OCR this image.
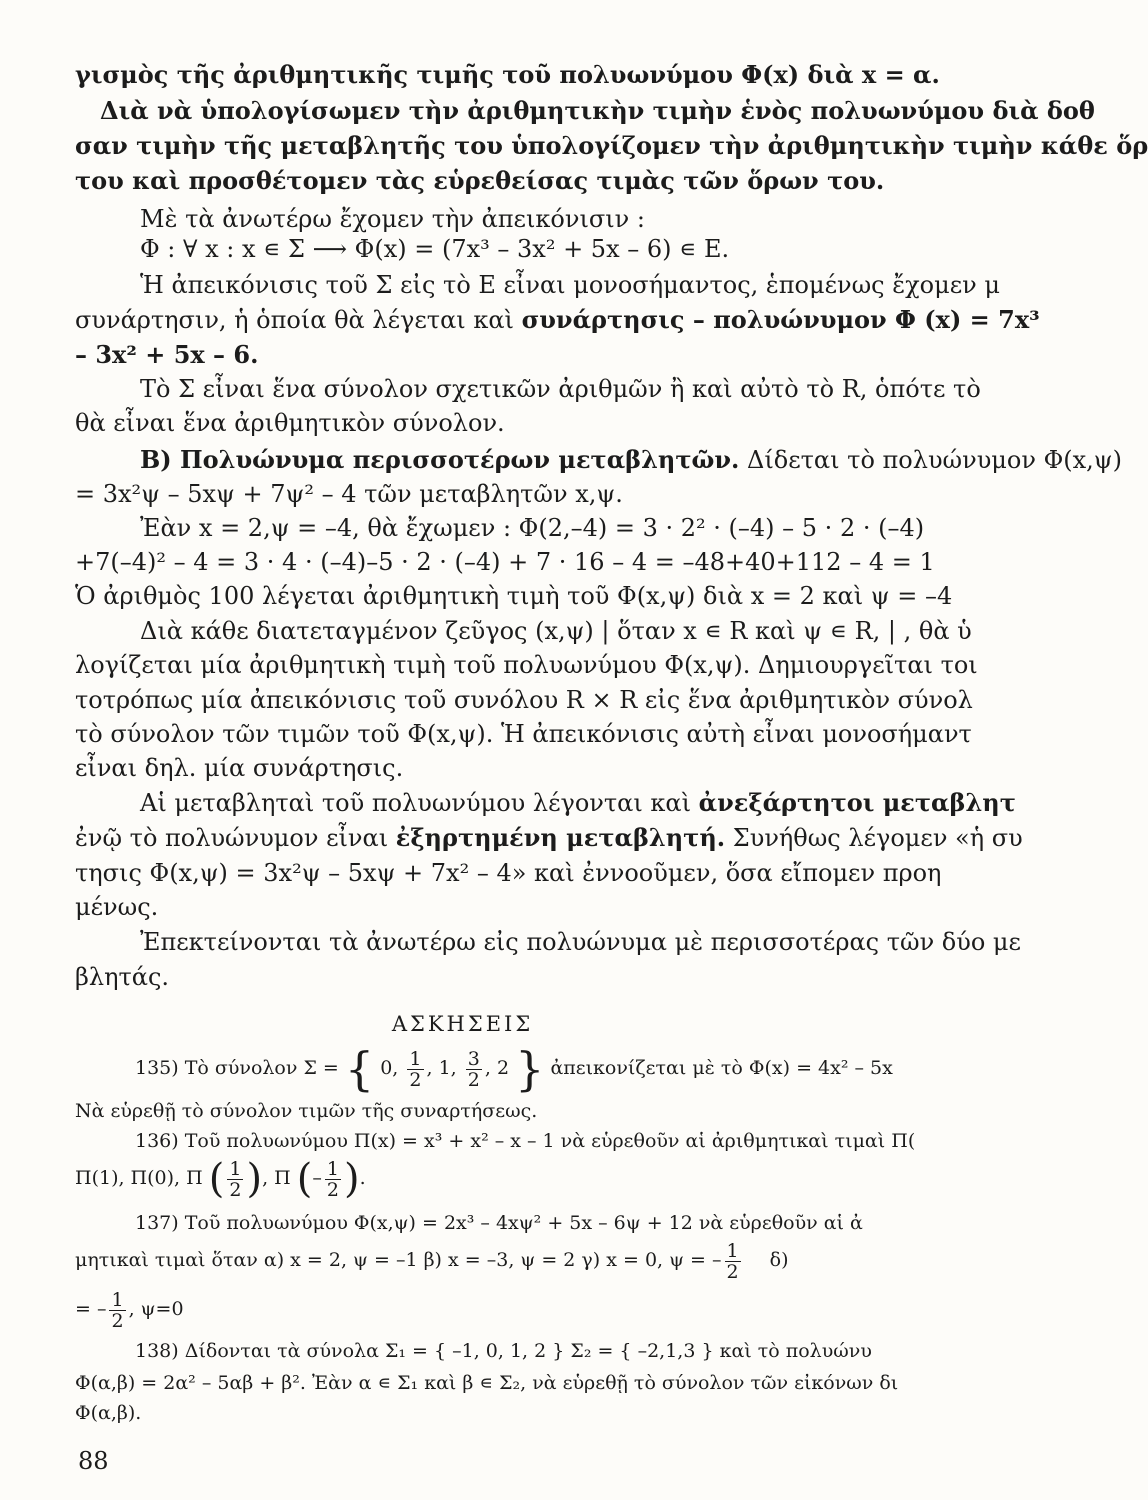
γισμὸς τῆς ἀριθμητικῆς τιμῆς τοῦ πολυωνύμου Φ(x) διὰ x = α.
Διὰ νὰ ὑπολογίσωμεν τὴν ἀριθμητικὴν τιμὴν ἑνὸς πολυωνύμου διὰ δοθ
σαν τιμὴν τῆς μεταβλητῆς του ὑπολογίζομεν τὴν ἀριθμητικὴν τιμὴν κάθε ὅρ
του καὶ προσθέτομεν τὰς εὑρεθείσας τιμὰς τῶν ὅρων του.
Μὲ τὰ ἀνωτέρω ἔχομεν τὴν ἀπεικόνισιν :
Φ : ∀ x : x ∊ Σ ⟶ Φ(x) = (7x³ – 3x² + 5x – 6) ∊ E.
Ἡ ἀπεικόνισις τοῦ Σ εἰς τὸ Ε εἶναι μονοσήμαντος, ἑπομένως ἔχομεν μ
συνάρτησιν, ἡ ὁποία θὰ λέγεται καὶ συνάρτησις – πολυώνυμον Φ (x) = 7x³
– 3x² + 5x – 6.
Τὸ Σ εἶναι ἕνα σύνολον σχετικῶν ἀριθμῶν ἢ καὶ αὐτὸ τὸ R, ὁπότε τὸ
θὰ εἶναι ἕνα ἀριθμητικὸν σύνολον.
Β) Πολυώνυμα περισσοτέρων μεταβλητῶν. Δίδεται τὸ πολυώνυμον Φ(x,ψ)
= 3x²ψ – 5xψ + 7ψ² – 4 τῶν μεταβλητῶν x,ψ.
Ἐὰν x = 2,ψ = –4, θὰ ἔχωμεν : Φ(2,–4) = 3 · 2² · (–4) – 5 · 2 · (–4)
+7(–4)² – 4 = 3 · 4 · (–4)–5 · 2 · (–4) + 7 · 16 – 4 = –48+40+112 – 4 = 1
Ὁ ἀριθμὸς 100 λέγεται ἀριθμητικὴ τιμὴ τοῦ Φ(x,ψ) διὰ x = 2 καὶ ψ = –4
Διὰ κάθε διατεταγμένον ζεῦγος (x,ψ) | ὅταν x ∊ R καὶ ψ ∊ R, | , θὰ ὑ
λογίζεται μία ἀριθμητικὴ τιμὴ τοῦ πολυωνύμου Φ(x,ψ). Δημιουργεῖται τοι
τοτρόπως μία ἀπεικόνισις τοῦ συνόλου R × R εἰς ἕνα ἀριθμητικὸν σύνολ
τὸ σύνολον τῶν τιμῶν τοῦ Φ(x,ψ). Ἡ ἀπεικόνισις αὐτὴ εἶναι μονοσήμαντ
εἶναι δηλ. μία συνάρτησις.
Αἱ μεταβληταὶ τοῦ πολυωνύμου λέγονται καὶ ἀνεξάρτητοι μεταβλητ
ἐνῷ τὸ πολυώνυμον εἶναι ἐξηρτημένη μεταβλητή. Συνήθως λέγομεν «ἡ συ
τησις Φ(x,ψ) = 3x²ψ – 5xψ + 7x² – 4» καὶ ἐννοοῦμεν, ὅσα εἴπομεν προη
μένως.
Ἐπεκτείνονται τὰ ἀνωτέρω εἰς πολυώνυμα μὲ περισσοτέρας τῶν δύο με
βλητάς.
ΑΣΚΗΣΕΙΣ
135) Τὸ σύνολον Σ = { 0, $\frac{1}{2}$ , 1, $\frac{3}{2}$ , 2 } ἀπεικονίζεται μὲ τὸ Φ(x) = 4x² – 5x
Νὰ εὑρεθῇ τὸ σύνολον τιμῶν τῆς συναρτήσεως.
136) Τοῦ πολυωνύμου Π(x) = x³ + x² – x – 1 νὰ εὑρεθοῦν αἱ ἀριθμητικαὶ τιμαὶ Π(
Π(1), Π(0), Π ( $\frac{1}{2}$ ), Π (– $\frac{1}{2}$ ).
137) Τοῦ πολυωνύμου Φ(x,ψ) = 2x³ – 4xψ² + 5x – 6ψ + 12 νὰ εὑρεθοῦν αἱ ἀ
μητικαὶ τιμαὶ ὅταν α) x = 2, ψ = –1 β) x = –3, ψ = 2 γ) x = 0, ψ = – $\frac{1}{2} \delta$)
= – $\frac{1}{2}$ , ψ=0
138) Δίδονται τὰ σύνολα Σ₁ = { –1, 0, 1, 2 } Σ₂ = { –2,1,3 } καὶ τὸ πολυώνυ
Φ(α,β) = 2α² – 5αβ + β². Ἐὰν α ∊ Σ₁ καὶ β ∊ Σ₂, νὰ εὑρεθῇ τὸ σύνολον τῶν εἰκόνων δι
Φ(α,β).
88
